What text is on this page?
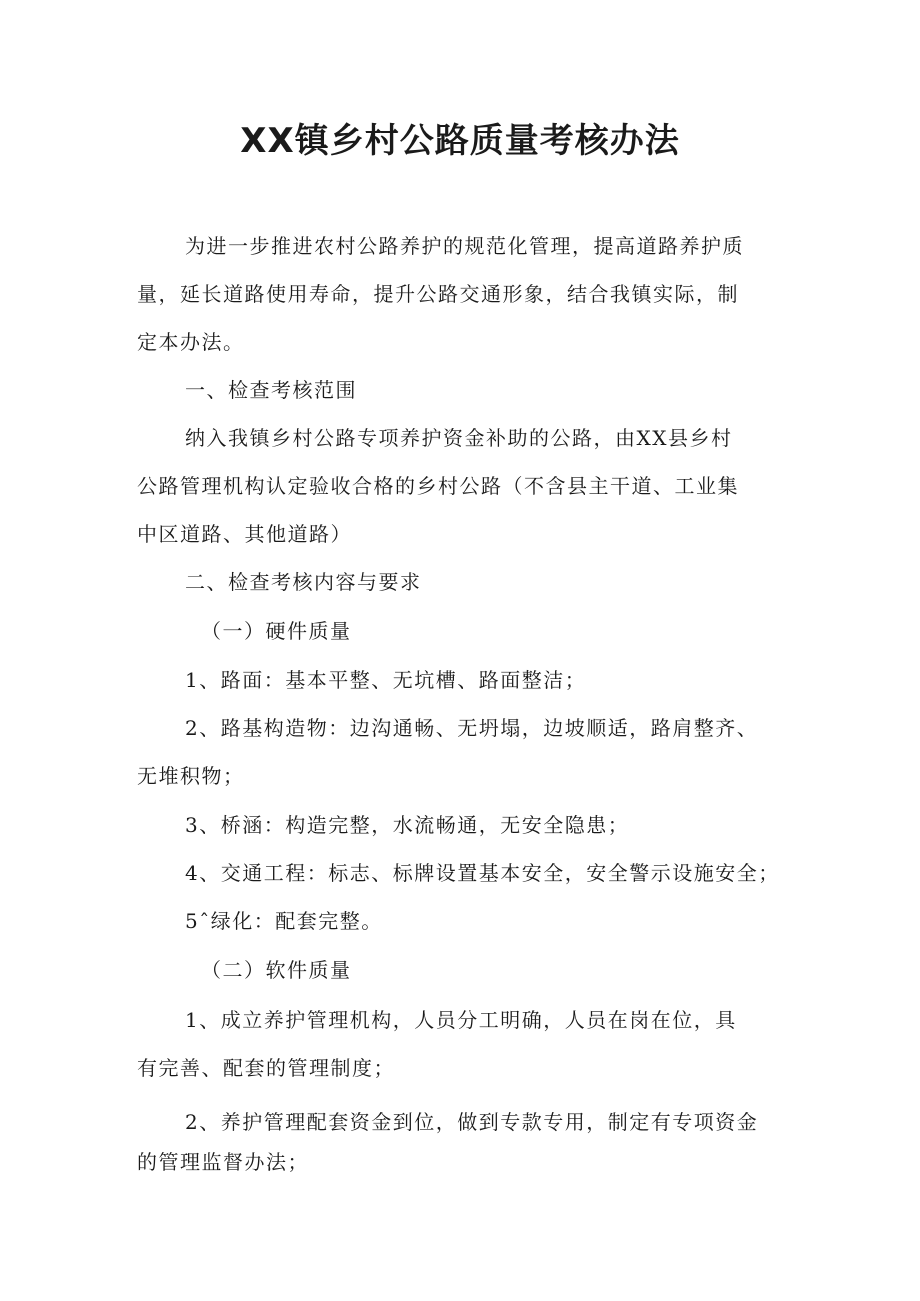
XX镇乡村公路质量考核办法
为进一步推进农村公路养护的规范化管理，提高道路养护质
量，延长道路使用寿命，提升公路交通形象，结合我镇实际，制
定本办法。
一、检查考核范围
纳入我镇乡村公路专项养护资金补助的公路，由XX县乡村
公路管理机构认定验收合格的乡村公路（不含县主干道、工业集
中区道路、其他道路）
二、检查考核内容与要求
（一）硬件质量
1、路面：基本平整、无坑槽、路面整洁；
2、路基构造物：边沟通畅、无坍塌，边坡顺适，路肩整齐、
无堆积物；
3、桥涵：构造完整，水流畅通，无安全隐患；
4、交通工程：标志、标牌设置基本安全，安全警示设施安全；
5ˆ绿化：配套完整。
（二）软件质量
1、成立养护管理机构，人员分工明确，人员在岗在位，具
有完善、配套的管理制度；
2、养护管理配套资金到位，做到专款专用，制定有专项资金
的管理监督办法；
